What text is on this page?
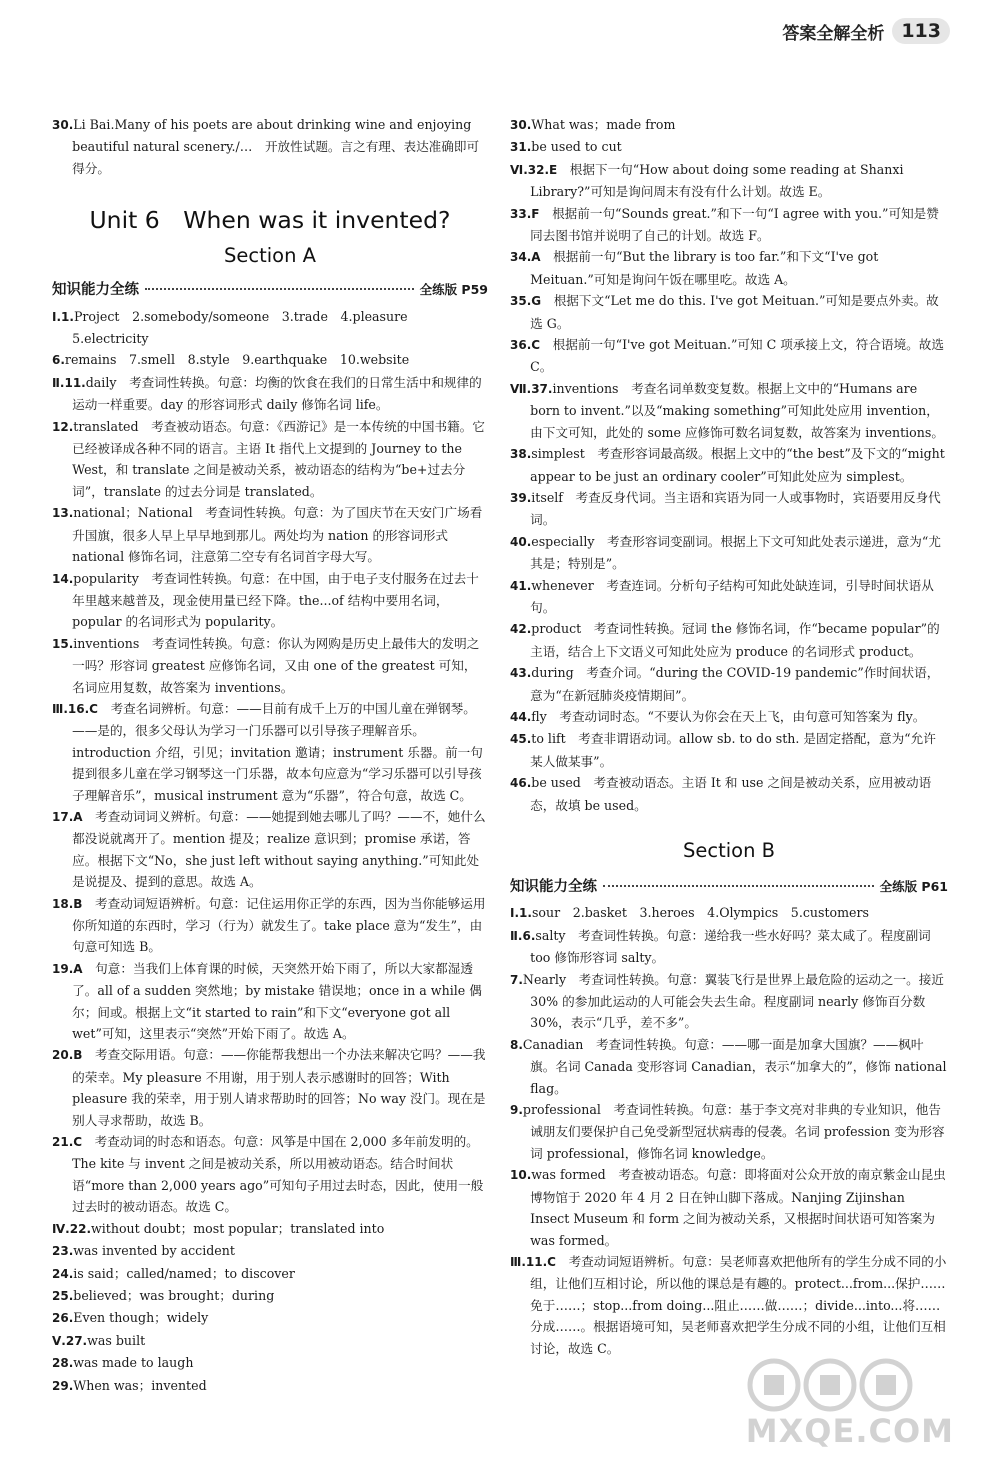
答案全解全析 113

30.Li Bai.Many of his poets are about drinking wine and enjoying beautiful natural scenery./…　开放性试题。言之有理、表达准确即可得分。

Unit 6　When was it invented?
Section A
知识能力全练	全练版 P59

Ⅰ.1.Project　2.somebody/someone　3.trade　4.pleasure　5.electricity

6.remains　7.smell　8.style　9.earthquake　10.website

Ⅱ.11.daily　考查词性转换。句意：均衡的饮食在我们的日常生活中和规律的运动一样重要。day 的形容词形式 daily 修饰名词 life。

12.translated　考查被动语态。句意：《西游记》是一本传统的中国书籍。它已经被译成各种不同的语言。主语 It 指代上文提到的 Journey to the West，和 translate 之间是被动关系，被动语态的结构为“be+过去分词”，translate 的过去分词是 translated。

13.national；National　考查词性转换。句意：为了国庆节在天安门广场看升国旗，很多人早上早早地到那儿。两处均为 nation 的形容词形式 national 修饰名词，注意第二空专有名词首字母大写。

14.popularity　考查词性转换。句意：在中国，由于电子支付服务在过去十年里越来越普及，现金使用量已经下降。the...of 结构中要用名词，popular 的名词形式为 popularity。

15.inventions　考查词性转换。句意：你认为网购是历史上最伟大的发明之一吗？形容词 greatest 应修饰名词，又由 one of the greatest 可知，名词应用复数，故答案为 inventions。

Ⅲ.16.C　考查名词辨析。句意：——目前有成千上万的中国儿童在弹钢琴。——是的，很多父母认为学习一门乐器可以引导孩子理解音乐。introduction 介绍，引见；invitation 邀请；instrument 乐器。前一句提到很多儿童在学习钢琴这一门乐器，故本句应意为“学习乐器可以引导孩子理解音乐”，musical instrument 意为“乐器”，符合句意，故选 C。

17.A　考查动词词义辨析。句意：——她提到她去哪儿了吗？——不，她什么都没说就离开了。mention 提及；realize 意识到；promise 承诺，答应。根据下文“No，she just left without saying anything.”可知此处是说提及、提到的意思。故选 A。

18.B　考查动词短语辨析。句意：记住运用你正学的东西，因为当你能够运用你所知道的东西时，学习（行为）就发生了。take place 意为“发生”，由句意可知选 B。

19.A　句意：当我们上体育课的时候，天突然开始下雨了，所以大家都湿透了。all of a sudden 突然地；by mistake 错误地；once in a while 偶尔；间或。根据上文“it started to rain”和下文“everyone got all wet”可知，这里表示“突然”开始下雨了。故选 A。

20.B　考查交际用语。句意：——你能帮我想出一个办法来解决它吗？——我的荣幸。My pleasure 不用谢，用于别人表示感谢时的回答；With pleasure 我的荣幸，用于别人请求帮助时的回答；No way 没门。现在是别人寻求帮助，故选 B。

21.C　考查动词的时态和语态。句意：风筝是中国在 2,000 多年前发明的。The kite 与 invent 之间是被动关系，所以用被动语态。结合时间状语“more than 2,000 years ago”可知句子用过去时态，因此，使用一般过去时的被动语态。故选 C。

Ⅳ.22.without doubt；most popular；translated into

23.was invented by accident

24.is said；called/named；to discover

25.believed；was brought；during

26.Even though；widely

Ⅴ.27.was built

28.was made to laugh

29.When was；invented

30.What was；made from

31.be used to cut

Ⅵ.32.E　根据下一句“How about doing some reading at Shanxi Library?”可知是询问周末有没有什么计划。故选 E。

33.F　根据前一句“Sounds great.”和下一句“I agree with you.”可知是赞同去图书馆并说明了自己的计划。故选 F。

34.A　根据前一句“But the library is too far.”和下文“I've got Meituan.”可知是询问午饭在哪里吃。故选 A。

35.G　根据下文“Let me do this. I've got Meituan.”可知是要点外卖。故选 G。

36.C　根据前一句“I've got Meituan.”可知 C 项承接上文，符合语境。故选 C。

Ⅶ.37.inventions　考查名词单数变复数。根据上文中的“Humans are born to invent.”以及“making something”可知此处应用 invention，由下文可知，此处的 some 应修饰可数名词复数，故答案为 inventions。

38.simplest　考查形容词最高级。根据上文中的“the best”及下文的“might appear to be just an ordinary cooler”可知此处应为 simplest。

39.itself　考查反身代词。当主语和宾语为同一人或事物时，宾语要用反身代词。

40.especially　考查形容词变副词。根据上下文可知此处表示递进，意为“尤其是；特别是”。

41.whenever　考查连词。分析句子结构可知此处缺连词，引导时间状语从句。

42.product　考查词性转换。冠词 the 修饰名词，作“became popular”的主语，结合上下文语义可知此处应为 produce 的名词形式 product。

43.during　考查介词。“during the COVID-19 pandemic”作时间状语，意为“在新冠肺炎疫情期间”。

44.fly　考查动词时态。“不要认为你会在天上飞，由句意可知答案为 fly。

45.to lift　考查非谓语动词。allow sb. to do sth. 是固定搭配，意为“允许某人做某事”。

46.be used　考查被动语态。主语 It 和 use 之间是被动关系，应用被动语态，故填 be used。

Section B
知识能力全练	全练版 P61

Ⅰ.1.sour　2.basket　3.heroes　4.Olympics　5.customers

Ⅱ.6.salty　考查词性转换。句意：递给我一些水好吗？菜太咸了。程度副词 too 修饰形容词 salty。

7.Nearly　考查词性转换。句意：翼装飞行是世界上最危险的运动之一。接近 30% 的参加此运动的人可能会失去生命。程度副词 nearly 修饰百分数 30%，表示“几乎，差不多”。

8.Canadian　考查词性转换。句意：——哪一面是加拿大国旗？——枫叶旗。名词 Canada 变形容词 Canadian，表示“加拿大的”，修饰 national flag。

9.professional　考查词性转换。句意：基于李文亮对非典的专业知识，他告诫朋友们要保护自己免受新型冠状病毒的侵袭。名词 profession 变为形容词 professional，修饰名词 knowledge。

10.was formed　考查被动语态。句意：即将面对公众开放的南京紫金山昆虫博物馆于 2020 年 4 月 2 日在钟山脚下落成。Nanjing Zijinshan Insect Museum 和 form 之间为被动关系，又根据时间状语可知答案为 was formed。

Ⅲ.11.C　考查动词短语辨析。句意：吴老师喜欢把他所有的学生分成不同的小组，让他们互相讨论，所以他的课总是有趣的。protect...from...保护……免于……；stop...from doing...阻止……做……；divide...into...将……分成……。根据语境可知，吴老师喜欢把学生分成不同的小组，让他们互相讨论，故选 C。

MXQE.COM
